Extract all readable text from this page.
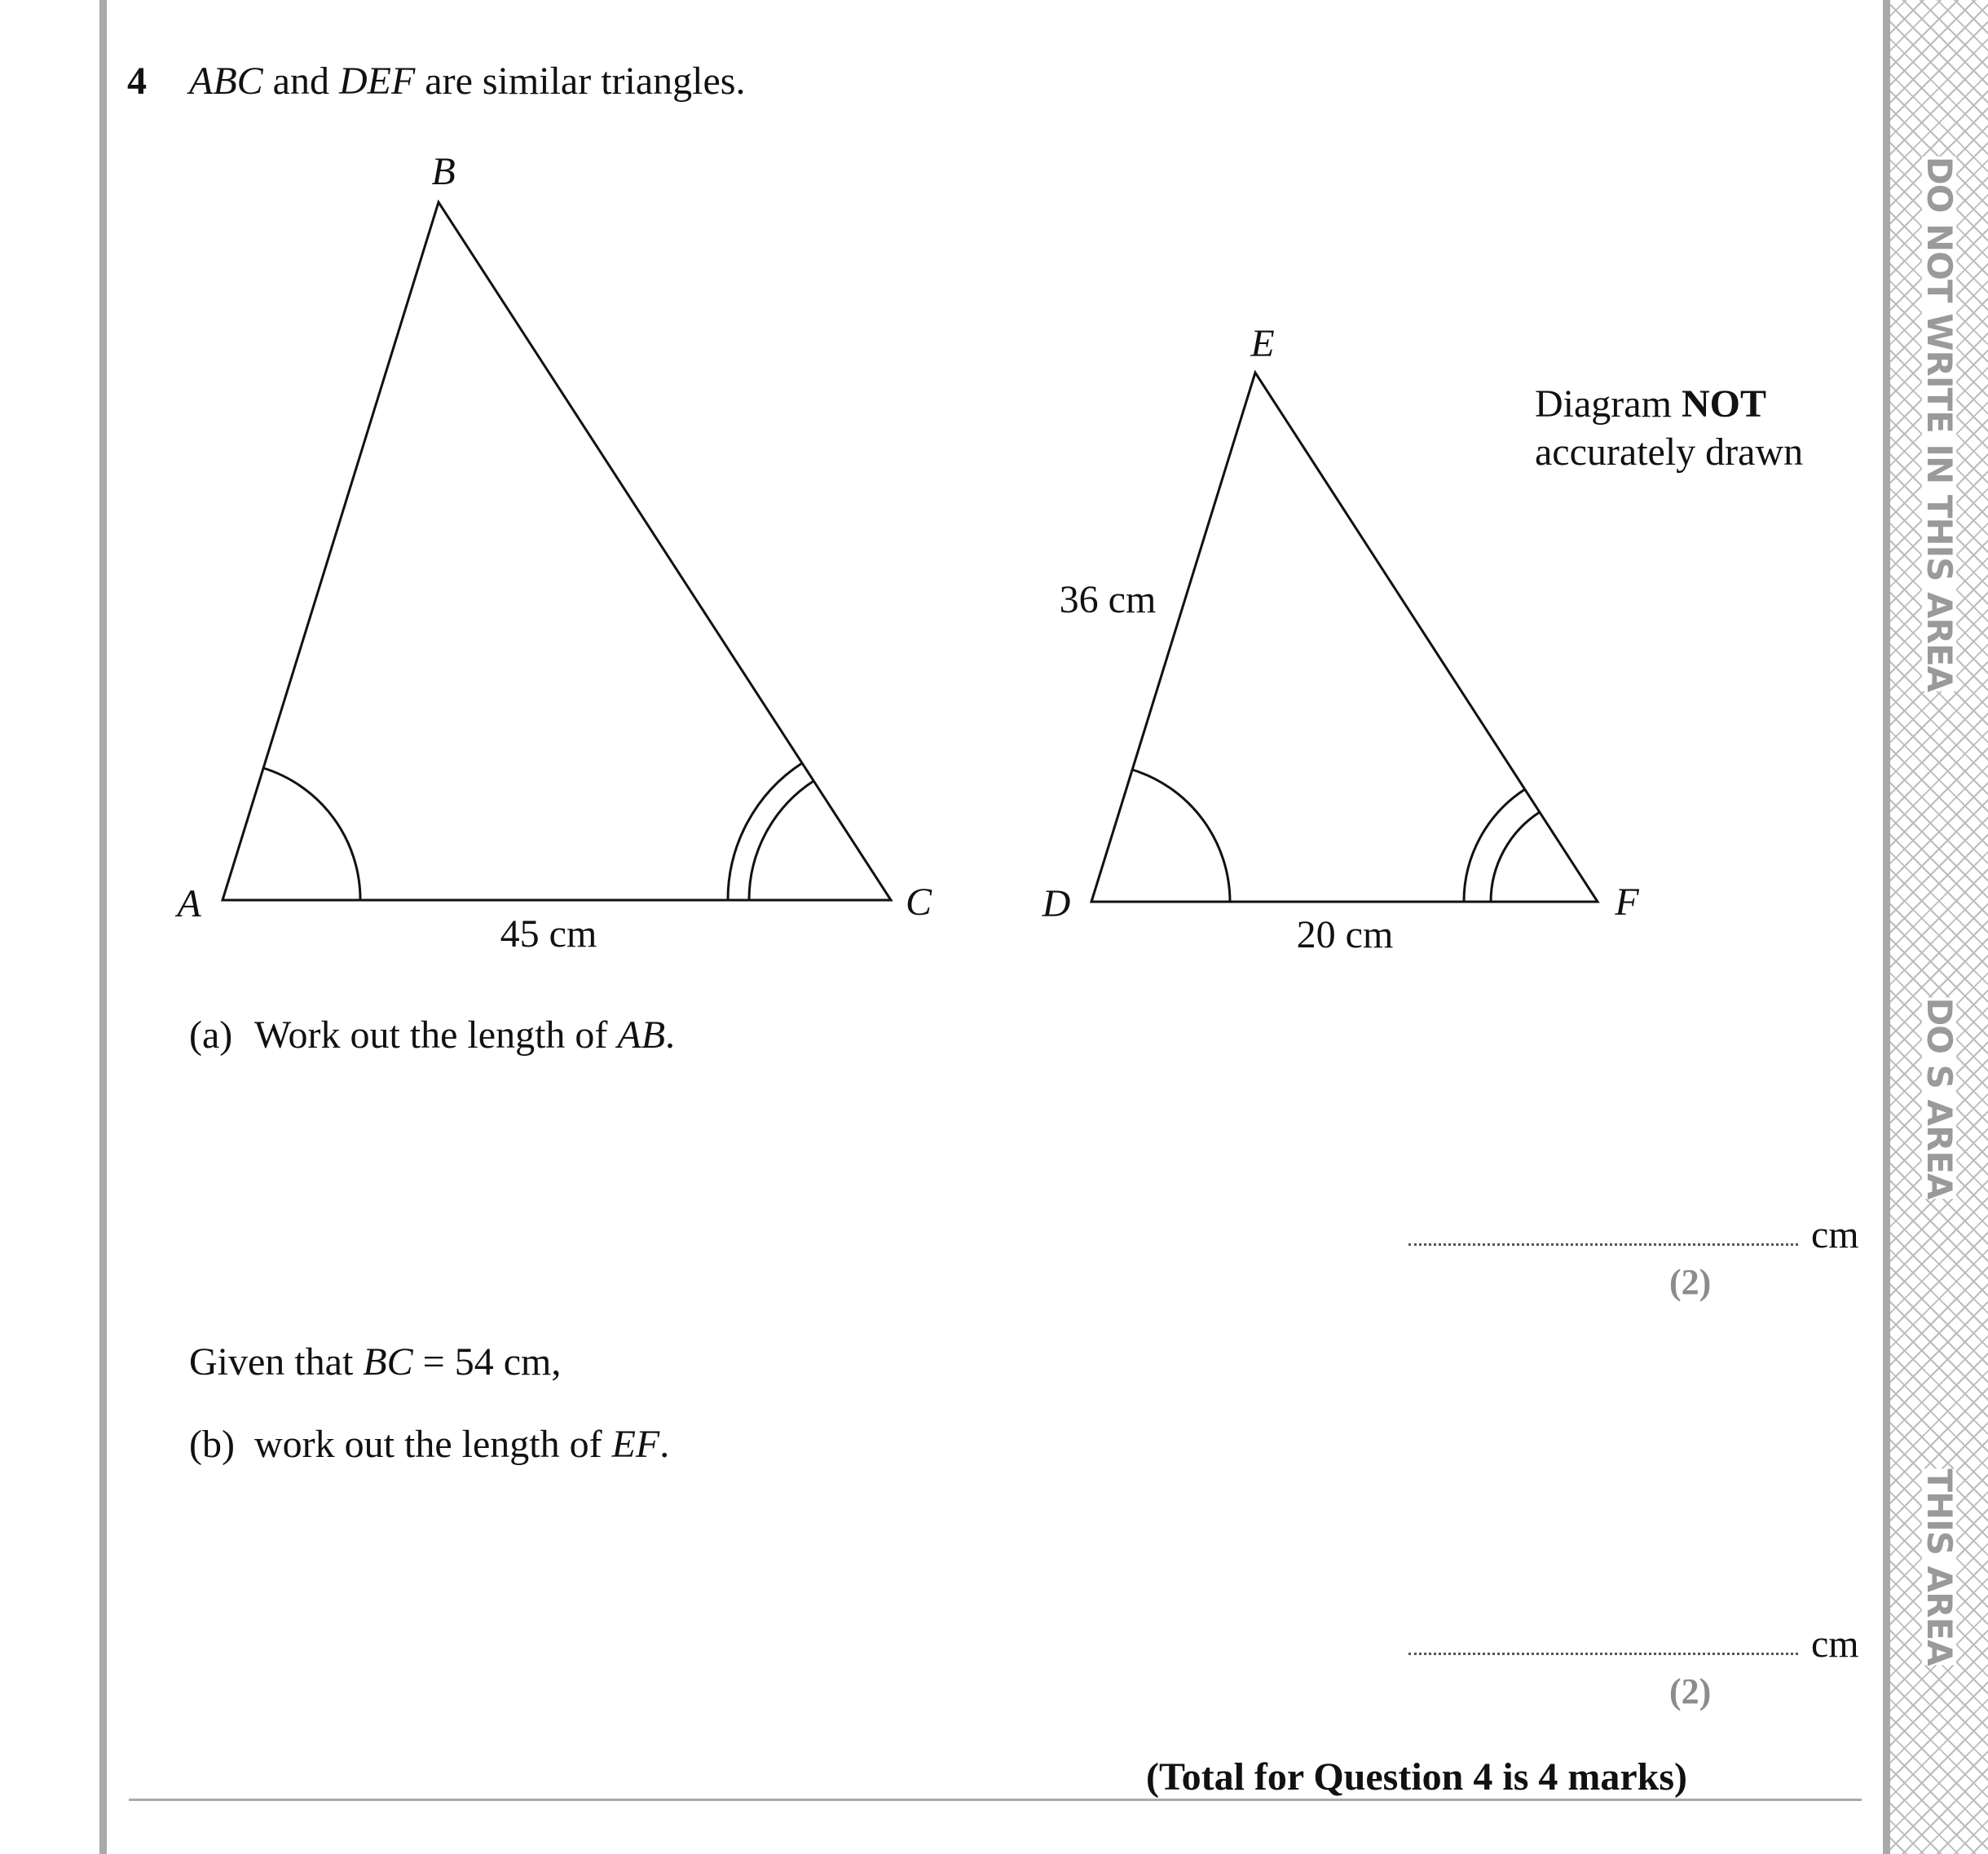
DO NOT WRITE IN THIS AREA
DO S AREA
THIS AREA
4 ABC and DEF are similar triangles.
B
A	C
45 cm
E
D	F
36 cm
20 cm
Diagram NOT
accurately drawn
(a) Work out the length of AB.
cm
(2)
Given that BC = 54 cm,
(b) work out the length of EF.
cm
(2)
(Total for Question 4 is 4 marks)
